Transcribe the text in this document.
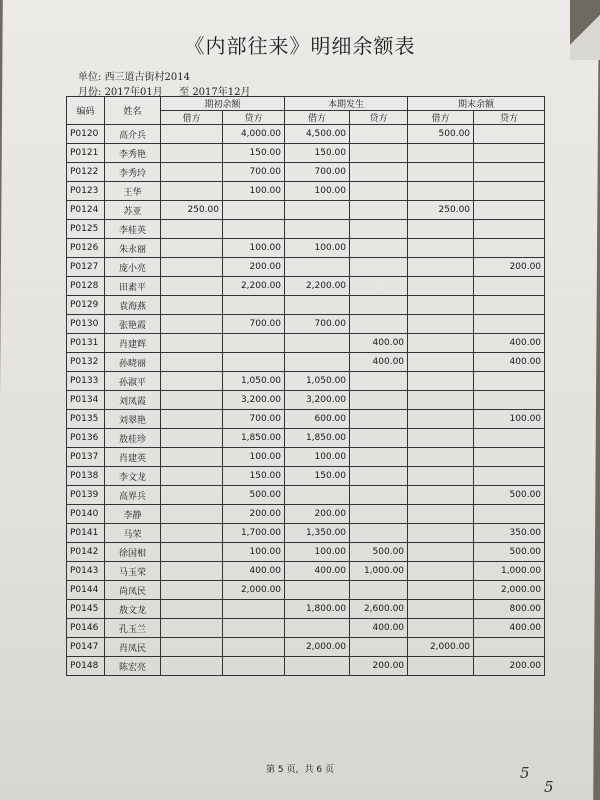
《内部往来》明细余额表
单位: 西三道古街村2014
月份: 2017年01月 至 2017年12月
编码	姓名	期初余额		本期发生		期末余额	
		借方	贷方	借方	贷方	借方	贷方
P0120	高介兵		4,000.00	4,500.00		500.00	
P0121	李秀艳		150.00	150.00			
P0122	李秀玲		700.00	700.00			
P0123	王华		100.00	100.00			
P0124	苏亚	250.00				250.00	
P0125	李桂英						
P0126	朱永丽		100.00	100.00			
P0127	庞小亮		200.00				200.00
P0128	田素平		2,200.00	2,200.00			
P0129	袁海燕						
P0130	张艳霞		700.00	700.00			
P0131	肖建辉				400.00		400.00
P0132	孙晓丽				400.00		400.00
P0133	孙淑平		1,050.00	1,050.00			
P0134	刘凤霞		3,200.00	3,200.00			
P0135	刘翠艳		700.00	600.00			100.00
P0136	敖桂珍		1,850.00	1,850.00			
P0137	肖建英		100.00	100.00			
P0138	李文龙		150.00	150.00			
P0139	高界兵		500.00				500.00
P0140	李静		200.00	200.00			
P0141	马荣		1,700.00	1,350.00			350.00
P0142	徐国相		100.00	100.00	500.00		500.00
P0143	马玉荣		400.00	400.00	1,000.00		1,000.00
P0144	尚凤民		2,000.00				2,000.00
P0145	敖文龙			1,800.00	2,600.00		800.00
P0146	孔玉兰				400.00		400.00
P0147	肖凤民			2,000.00		2,000.00	
P0148	陈宏亮				200.00		200.00
第 5 页，共 6 页	5
5
